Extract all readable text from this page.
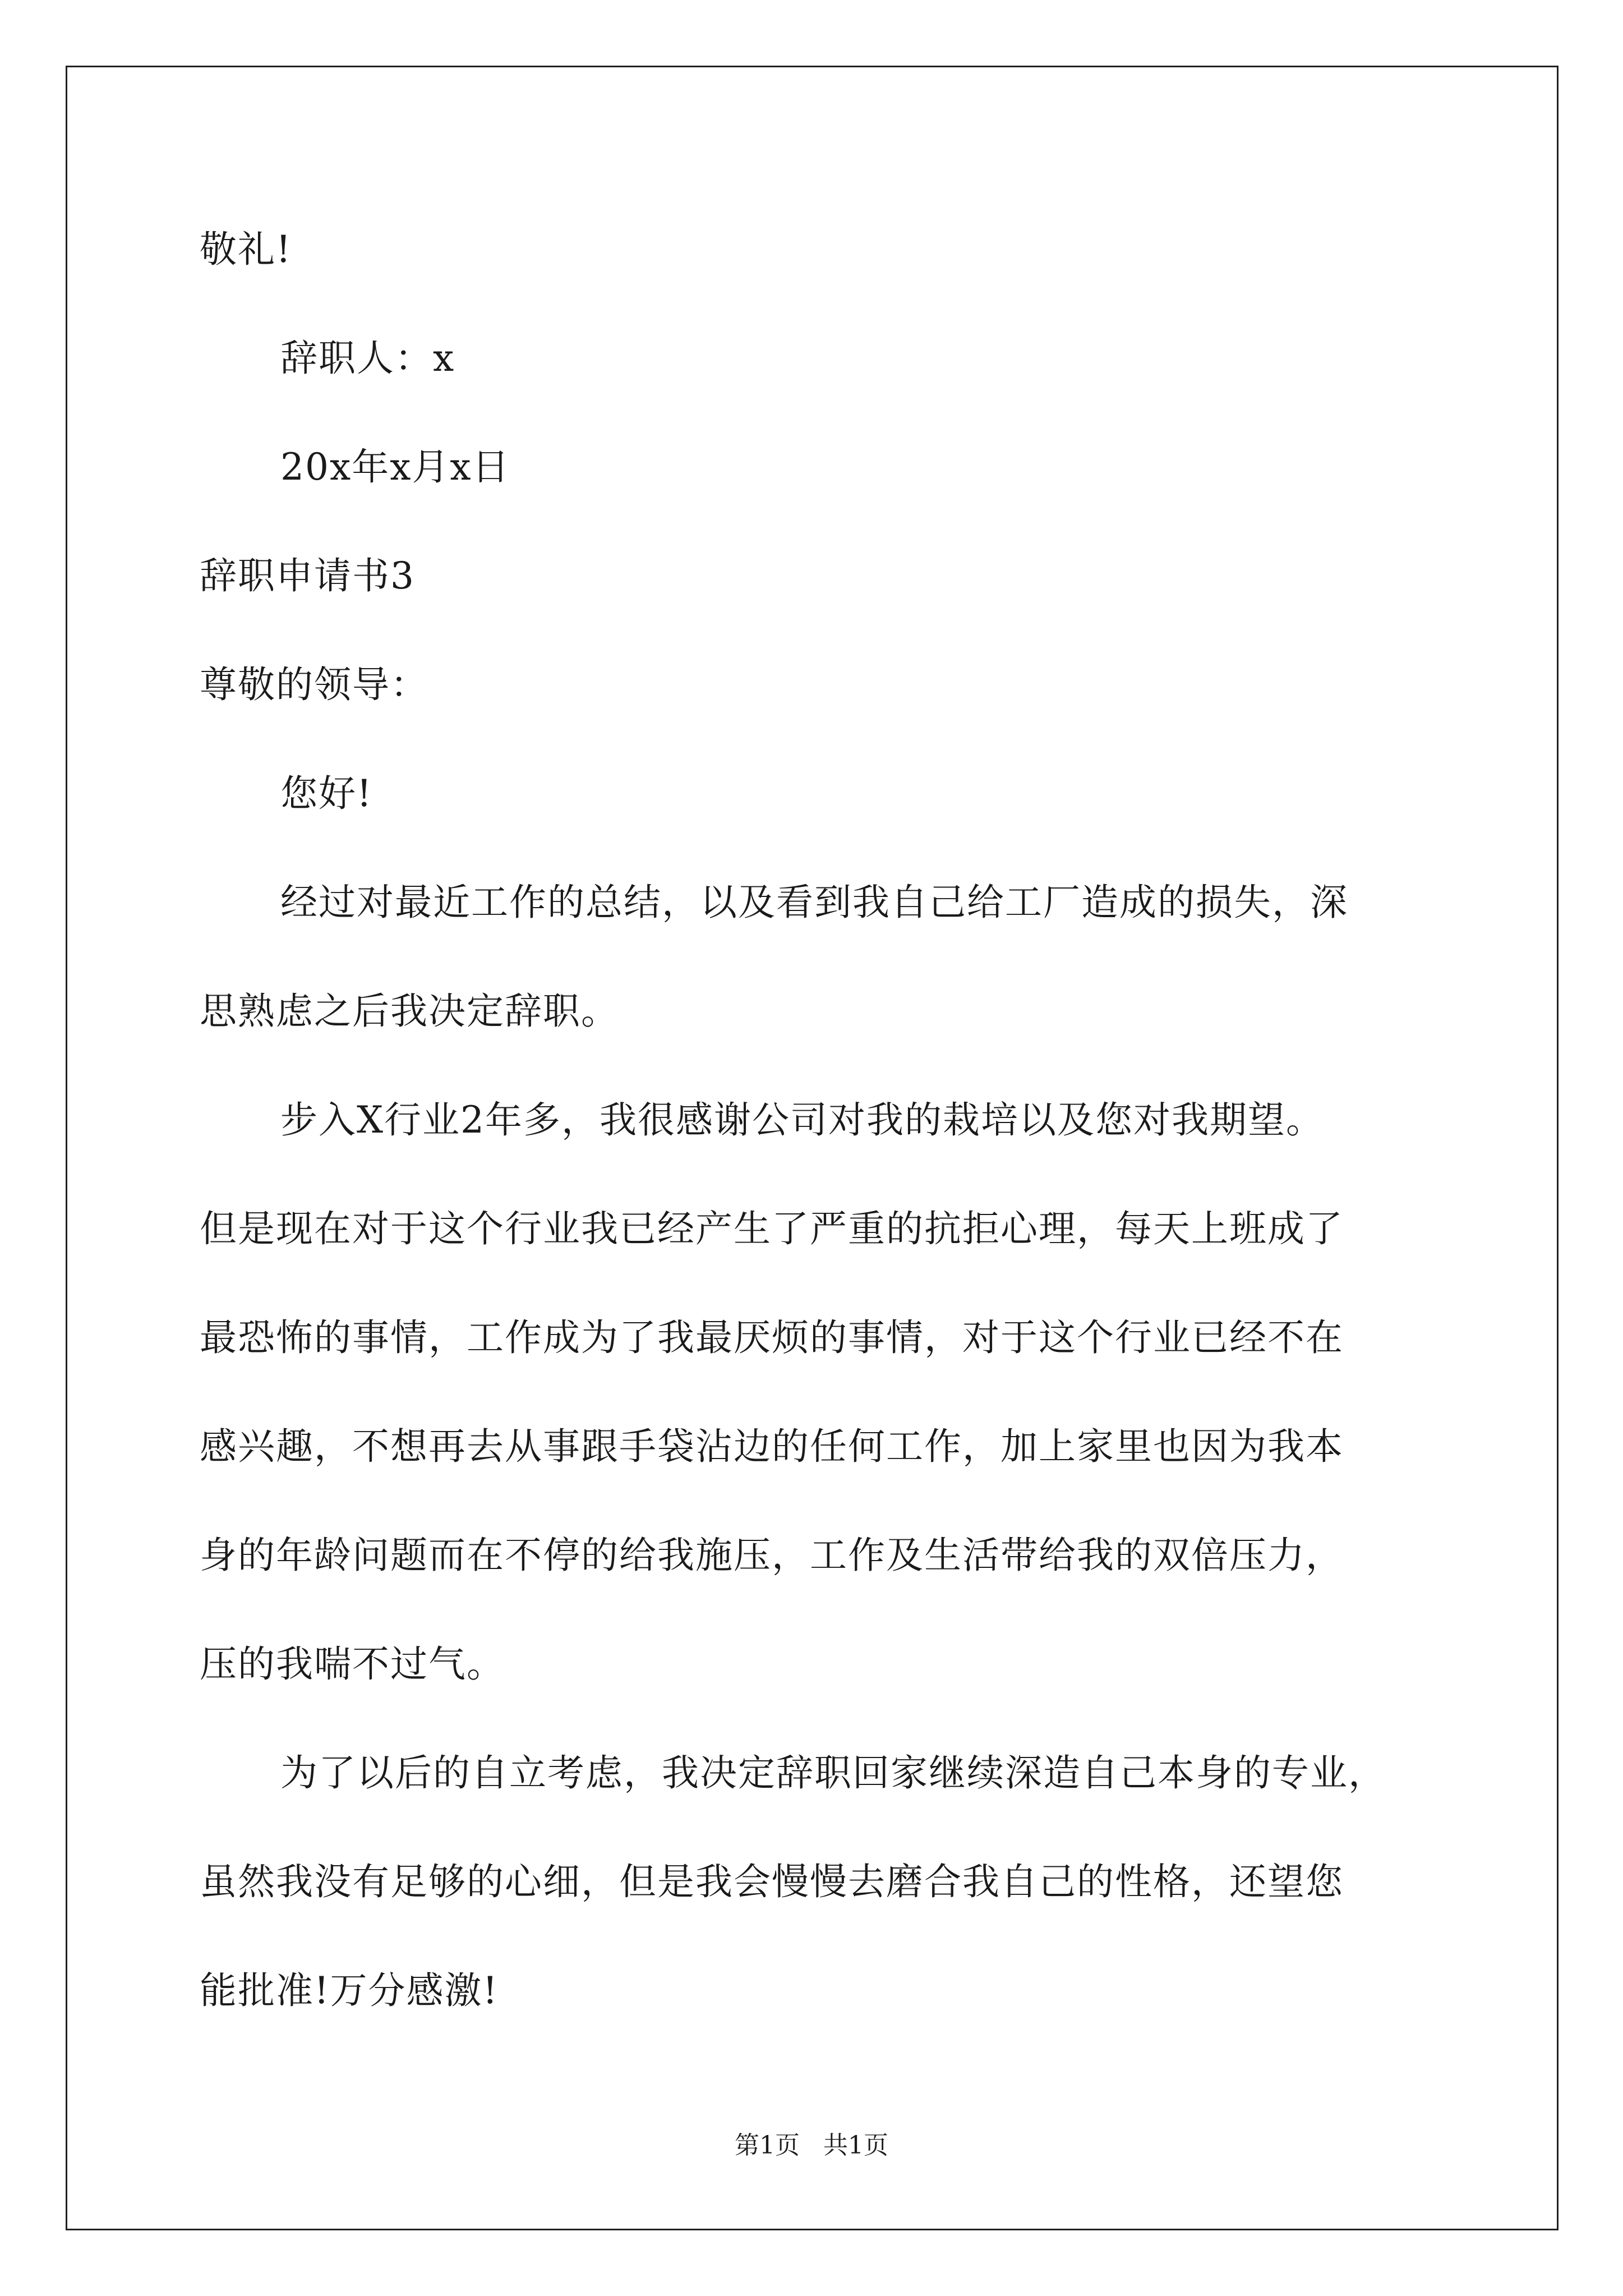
敬礼!
辞职人：x
20x年x月x日
辞职申请书3
尊敬的领导：
您好!
经过对最近工作的总结，以及看到我自己给工厂造成的损失，深
思熟虑之后我决定辞职。
步入X行业2年多，我很感谢公司对我的栽培以及您对我期望。
但是现在对于这个行业我已经产生了严重的抗拒心理，每天上班成了
最恐怖的事情，工作成为了我最厌烦的事情，对于这个行业已经不在
感兴趣，不想再去从事跟手袋沾边的任何工作，加上家里也因为我本
身的年龄问题而在不停的给我施压，工作及生活带给我的双倍压力，
压的我喘不过气。
为了以后的自立考虑，我决定辞职回家继续深造自己本身的专业，
虽然我没有足够的心细，但是我会慢慢去磨合我自己的性格，还望您
能批准!万分感激!
第1页   共1页
